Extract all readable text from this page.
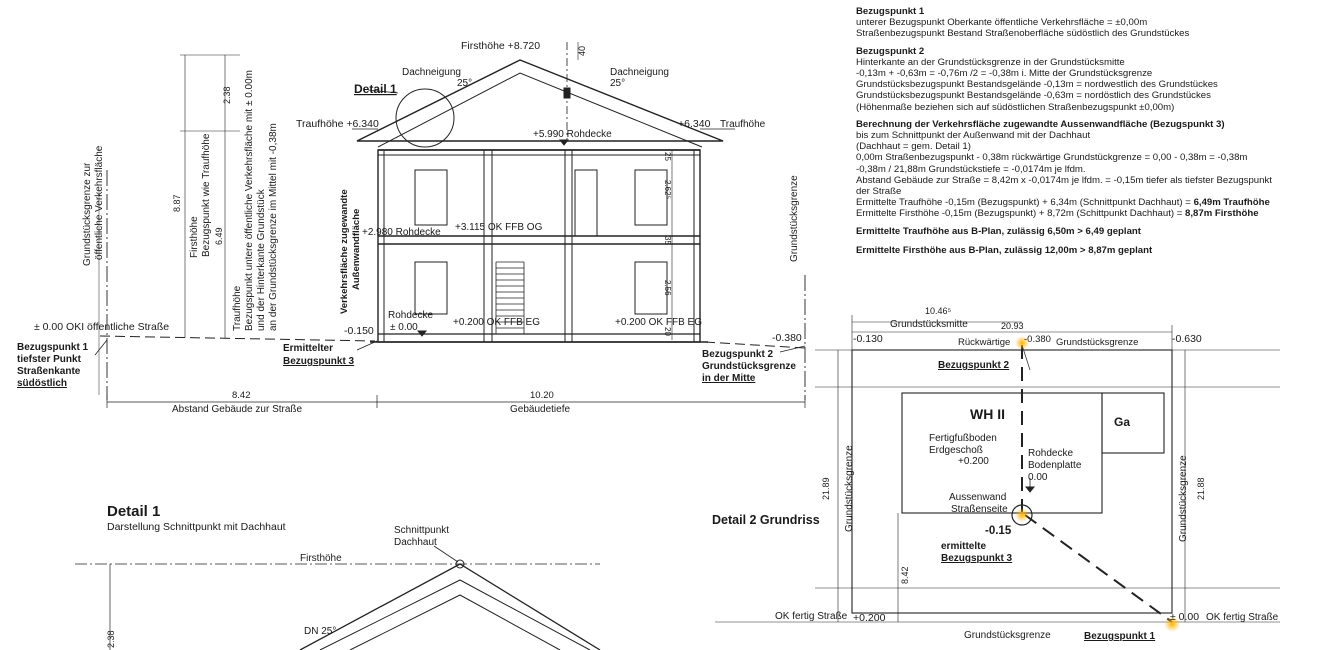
Firsthöhe +8.720	40
Dachneigung
25°
Dachneigung
25°
Detail 1
Traufhöhe +6.340	+6.340 Traufhöhe
+5.990 Rohdecke
25
2.62⁵
35
2.56
20
+2.980 Rohdecke +3.115 OK FFB OG
+0.200 OK FFB EG	+0.200 OK FFB EG
Rohdecke
± 0.00
-0.150
Ermittelter
Bezugspunkt 3
Verkehrsfläche zugewandte Außenwandfläche
2.38
8.87
6.49
Firsthöhe Bezugspunkt wie Traufhöhe
Traufhöhe Bezugspunkt untere öffentliche Verkehrsfläche mit ± 0.00m und der Hinterkante Grundstück an der Grundstücksgrenze im Mittel mit -0,38m
Grundstücksgrenze zur öffentliche Verkehrsfläche
± 0.00 OKI öffentliche Straße
Bezugspunkt 1
tiefster Punkt
Straßenkante
südöstlich
8.42
Abstand Gebäude zur Straße
10.20
Gebäudetiefe
Grundstücksgrenze
-0.380
Bezugspunkt 2
Grundstücksgrenze
in der Mitte
Detail 1
Darstellung Schnittpunkt mit Dachhaut	Schnittpunkt
Dachhaut
Firsthöhe
DN 25°
2.38
Detail 2 Grundriss
10.46⁵
Grundstücksmitte	20.93
-0.130	-0.630
Rückwärtige -0.380 Grundstücksgrenze
Bezugspunkt 2
WH II	Ga
Fertigfußboden
Erdgeschoß
+0.200
Rohdecke
Bodenplatte
0.00
Aussenwand
Straßenseite
-0.15
ermittelte
Bezugspunkt 3
21.89	21.88
Grundstücksgrenze	Grundstücksgrenze
8.42
OK fertig Straße +0.200	± 0.00 OK fertig Straße
Grundstücksgrenze	Bezugspunkt 1
Bezugspunkt 1
unterer Bezugspunkt Oberkante öffentliche Verkehrsfläche = ±0,00m
Straßenbezugspunkt Bestand Straßenoberfläche südöstlich des Grundstückes
Bezugspunkt 2
Hinterkante an der Grundstücksgrenze in der Grundstücksmitte
-0,13m + -0,63m = -0,76m /2 = -0,38m i. Mitte der Grundstücksgrenze
Grundstücksbezugspunkt Bestandsgelände -0,13m = nordwestlich des Grundstückes
Grundstücksbezugspunkt Bestandsgelände -0,63m = nordöstlich des Grundstückes
(Höhenmaße beziehen sich auf südöstlichen Straßenbezugspunkt ±0,00m)
Berechnung der Verkehrsfläche zugewandte Aussenwandfläche (Bezugspunkt 3)
bis zum Schnittpunkt der Außenwand mit der Dachhaut
(Dachhaut = gem. Detail 1)
0,00m Straßenbezugspunkt - 0,38m rückwärtige Grundstückgrenze = 0,00 - 0,38m = -0,38m
-0,38m / 21,88m Grundstückstiefe = -0,0174m je lfdm.
Abstand Gebäude zur Straße = 8,42m x -0,0174m je lfdm. = -0,15m tiefer als tiefster Bezugspunkt
der Straße
Ermittelte Traufhöhe -0,15m (Bezugspunkt) + 6,34m (Schnittpunkt Dachhaut) = 6,49m Traufhöhe
Ermittelte Firsthöhe -0,15m (Bezugspunkt) + 8,72m (Schittpunkt Dachhaut) = 8,87m Firsthöhe
Ermittelte Traufhöhe aus B-Plan, zulässig 6,50m > 6,49 geplant
Ermittelte Firsthöhe aus B-Plan, zulässig 12,00m > 8,87m geplant
